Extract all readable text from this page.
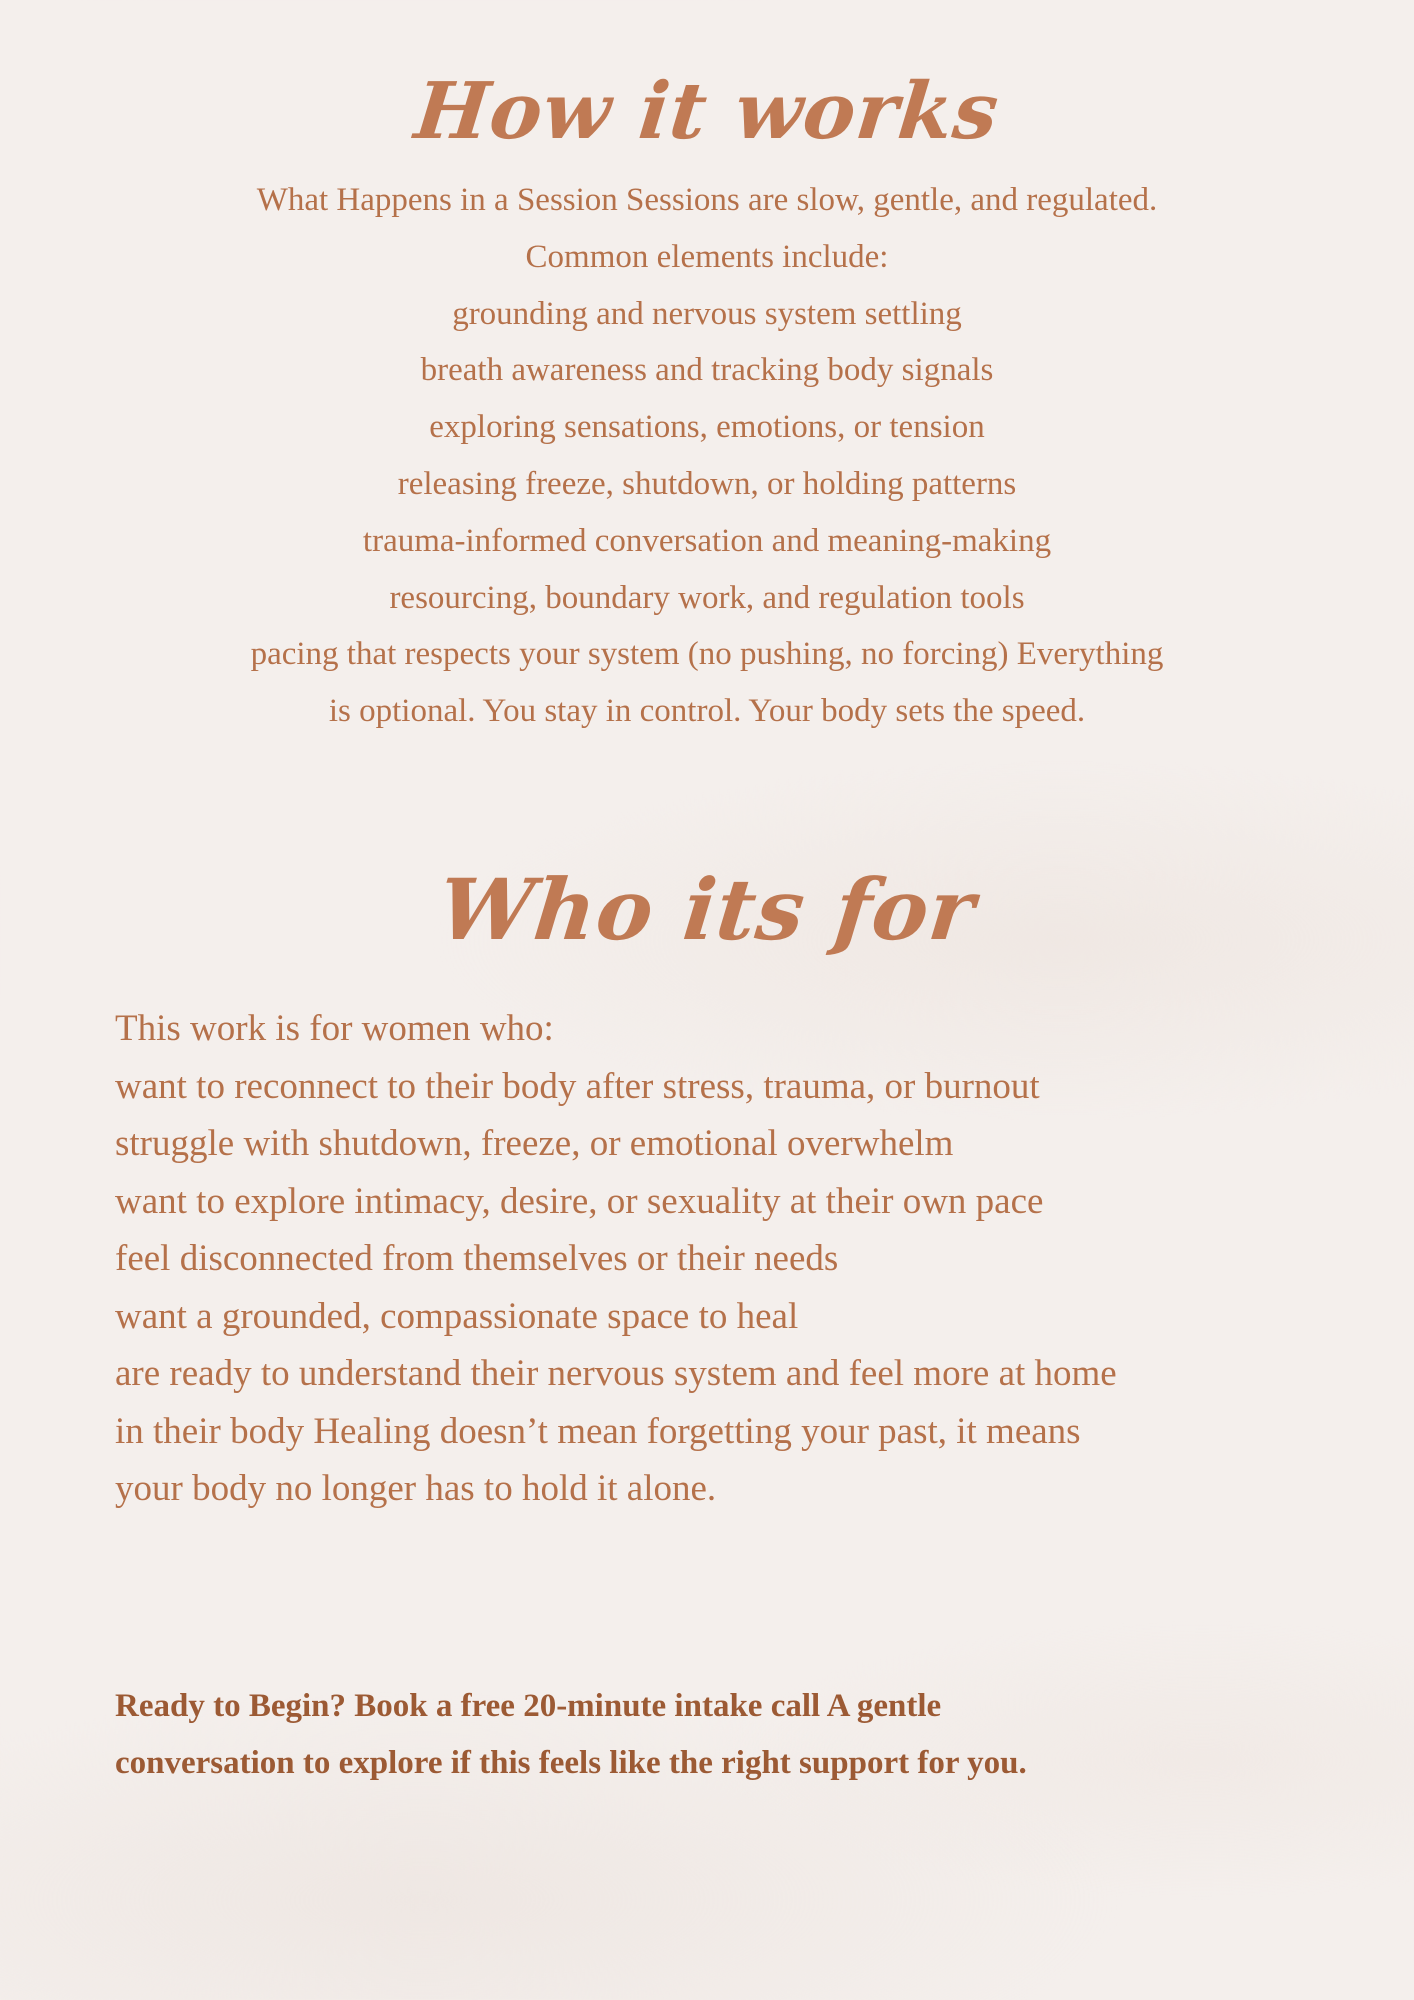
How it works
What Happens in a Session Sessions are slow, gentle, and regulated.
Common elements include:
grounding and nervous system settling
breath awareness and tracking body signals
exploring sensations, emotions, or tension
releasing freeze, shutdown, or holding patterns
trauma-informed conversation and meaning-making
resourcing, boundary work, and regulation tools
pacing that respects your system (no pushing, no forcing) Everything
is optional. You stay in control. Your body sets the speed.
Who its for
This work is for women who:
want to reconnect to their body after stress, trauma, or burnout
struggle with shutdown, freeze, or emotional overwhelm
want to explore intimacy, desire, or sexuality at their own pace
feel disconnected from themselves or their needs
want a grounded, compassionate space to heal
are ready to understand their nervous system and feel more at home
in their body Healing doesn’t mean forgetting your past, it means
your body no longer has to hold it alone.
Ready to Begin? Book a free 20-minute intake call A gentle
conversation to explore if this feels like the right support for you.
